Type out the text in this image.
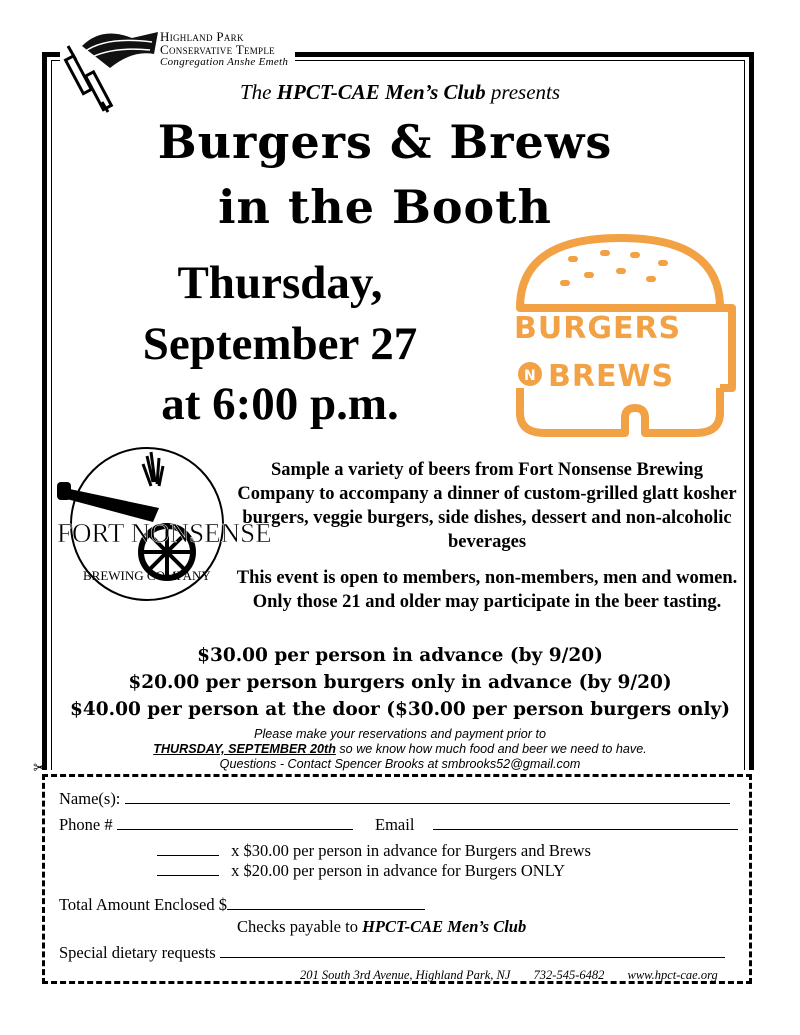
Highland Park
Conservative Temple
Congregation Anshe Emeth
The HPCT-CAE Men’s Club presents
Burgers & Brews
in the Booth
Thursday,
September 27
at 6:00 p.m.
BURGERS
N BREWS
FORT NONSENSE
BREWING COMPANY
Sample a variety of beers from Fort Nonsense Brewing Company to accompany a dinner of custom-grilled glatt kosher burgers, veggie burgers, side dishes, dessert and non-alcoholic beverages
This event is open to members, non-members, men and women. Only those 21 and older may participate in the beer tasting.
$30.00 per person in advance (by 9/20)
$20.00 per person burgers only in advance (by 9/20)
$40.00 per person at the door ($30.00 per person burgers only)
Please make your reservations and payment prior to
THURSDAY, SEPTEMBER 20th so we know how much food and beer we need to have.
Questions - Contact Spencer Brooks at smbrooks52@gmail.com
✂
Name(s):
Phone #	Email
x $30.00 per person in advance for Burgers and Brews
x $20.00 per person in advance for Burgers ONLY
Total Amount Enclosed $
Checks payable to HPCT-CAE Men’s Club
Special dietary requests
201 South 3rd Avenue, Highland Park, NJ 732-545-6482 www.hpct-cae.org
